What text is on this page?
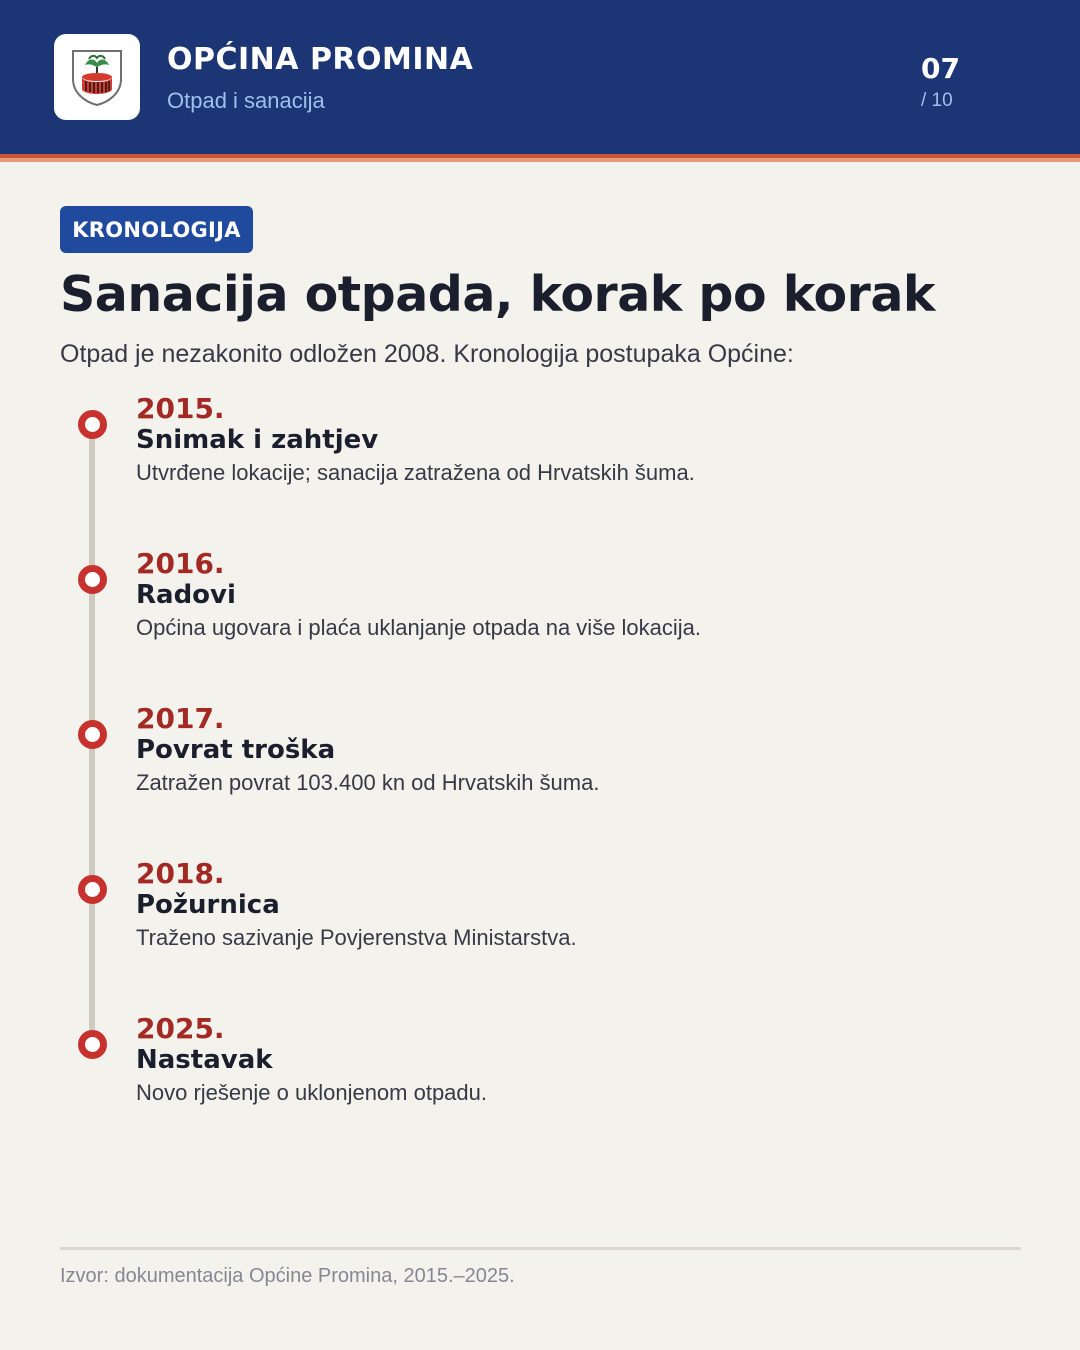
OPĆINA PROMINA
Otpad i sanacija
07
/ 10
KRONOLOGIJA
Sanacija otpada, korak po korak

Otpad je nezakonito odložen 2008. Kronologija postupaka Općine:

2015.
Snimak i zahtjev
Utvrđene lokacije; sanacija zatražena od Hrvatskih šuma.
2016.
Radovi
Općina ugovara i plaća uklanjanje otpada na više lokacija.
2017.
Povrat troška
Zatražen povrat 103.400 kn od Hrvatskih šuma.
2018.
Požurnica
Traženo sazivanje Povjerenstva Ministarstva.
2025.
Nastavak
Novo rješenje o uklonjenom otpadu.
Izvor: dokumentacija Općine Promina, 2015.–2025.
